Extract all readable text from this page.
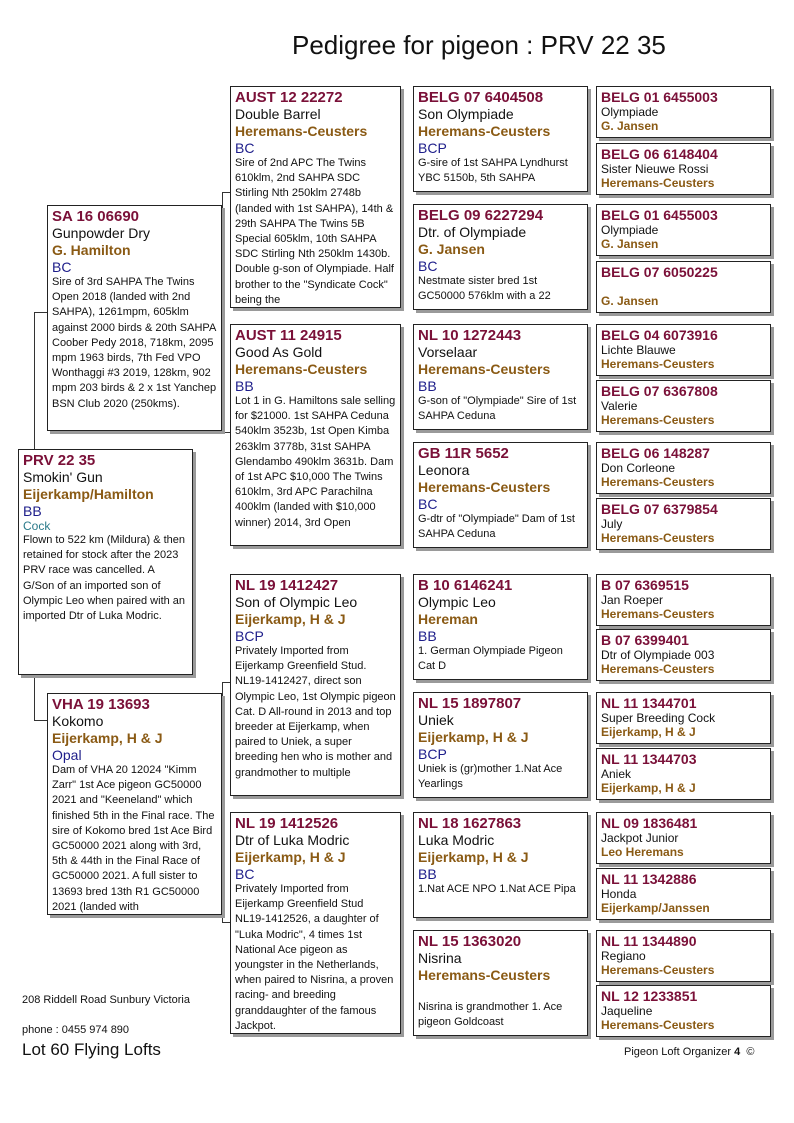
Pedigree for pigeon : PRV 22 35
PRV 22 35
Smokin' Gun
Eijerkamp/Hamilton
BB
Cock
Flown to 522 km (Mildura) & then retained for stock after the 2023 PRV race was cancelled. A G/Son of an imported son of Olympic Leo when paired with an imported Dtr of Luka Modric.
SA 16 06690
Gunpowder Dry
G. Hamilton
BC
Sire of 3rd SAHPA The Twins Open 2018 (landed with 2nd SAHPA), 1261mpm, 605klm against 2000 birds & 20th SAHPA Coober Pedy 2018, 718km, 2095 mpm 1963 birds, 7th Fed VPO Wonthaggi #3 2019, 128km, 902 mpm 203 birds & 2 x 1st Yanchep BSN Club 2020 (250kms).
VHA 19 13693
Kokomo
Eijerkamp, H & J
Opal
Dam of VHA 20 12024 "Kimm Zarr" 1st Ace pigeon GC50000 2021 and "Keeneland" which finished 5th in the Final race. The sire of Kokomo bred 1st Ace Bird GC50000 2021 along with 3rd, 5th & 44th in the Final Race of GC50000 2021. A full sister to 13693 bred 13th R1 GC50000 2021 (landed with
AUST 12 22272
Double Barrel
Heremans-Ceusters
BC
Sire of 2nd APC The Twins 610klm, 2nd SAHPA SDC Stirling Nth 250klm 2748b (landed with 1st SAHPA), 14th & 29th SAHPA The Twins 5B Special 605klm, 10th SAHPA SDC Stirling Nth 250klm 1430b. Double g-son of Olympiade. Half brother to the "Syndicate Cock" being the
AUST 11 24915
Good As Gold
Heremans-Ceusters
BB
Lot 1 in G. Hamiltons sale selling for $21000. 1st SAHPA Ceduna 540klm 3523b, 1st Open Kimba 263klm 3778b, 31st SAHPA Glendambo 490klm 3631b. Dam of 1st APC $10,000 The Twins 610klm, 3rd APC Parachilna 400klm (landed with $10,000 winner) 2014, 3rd Open
NL 19 1412427
Son of Olympic Leo
Eijerkamp, H & J
BCP
Privately Imported from Eijerkamp Greenfield Stud. NL19-1412427, direct son Olympic Leo, 1st Olympic pigeon Cat. D All-round in 2013 and top breeder at Eijerkamp, when paired to Uniek, a super breeding hen who is mother and grandmother to multiple
NL 19 1412526
Dtr of Luka Modric
Eijerkamp, H & J
BC
Privately Imported from Eijerkamp Greenfield Stud NL19-1412526, a daughter of "Luka Modric", 4 times 1st National Ace pigeon as youngster in the Netherlands, when paired to Nisrina, a proven racing- and breeding granddaughter of the famous Jackpot.
BELG 07 6404508
Son Olympiade
Heremans-Ceusters
BCP
G-sire of 1st SAHPA Lyndhurst YBC 5150b, 5th SAHPA
BELG 09 6227294
Dtr. of Olympiade
G. Jansen
BC
Nestmate sister bred 1st GC50000 576klm with a 22
NL 10 1272443
Vorselaar
Heremans-Ceusters
BB
G-son of "Olympiade" Sire of 1st SAHPA Ceduna
GB 11R 5652
Leonora
Heremans-Ceusters
BC
G-dtr of "Olympiade" Dam of 1st SAHPA Ceduna
B 10 6146241
Olympic Leo
Hereman
BB
1. German Olympiade Pigeon Cat D
NL 15 1897807
Uniek
Eijerkamp, H & J
BCP
Uniek is (gr)mother 1.Nat Ace Yearlings
NL 18 1627863
Luka Modric
Eijerkamp, H & J
BB
1.Nat ACE NPO 1.Nat ACE Pipa
NL 15 1363020
Nisrina
Heremans-Ceusters
Nisrina is grandmother 1. Ace pigeon Goldcoast
BELG 01 6455003
Olympiade
G. Jansen
BELG 06 6148404
Sister Nieuwe Rossi
Heremans-Ceusters
BELG 01 6455003
Olympiade
G. Jansen
BELG 07 6050225
G. Jansen
BELG 04 6073916
Lichte Blauwe
Heremans-Ceusters
BELG 07 6367808
Valerie
Heremans-Ceusters
BELG 06 148287
Don Corleone
Heremans-Ceusters
BELG 07 6379854
July
Heremans-Ceusters
B 07 6369515
Jan Roeper
Heremans-Ceusters
B 07 6399401
Dtr of Olympiade 003
Heremans-Ceusters
NL 11 1344701
Super Breeding Cock
Eijerkamp, H & J
NL 11 1344703
Aniek
Eijerkamp, H & J
NL 09 1836481
Jackpot Junior
Leo Heremans
NL 11 1342886
Honda
Eijerkamp/Janssen
NL 11 1344890
Regiano
Heremans-Ceusters
NL 12 1233851
Jaqueline
Heremans-Ceusters
208 Riddell Road Sunbury Victoria
phone : 0455 974 890
Lot 60 Flying Lofts	Pigeon Loft Organizer 4 ©
